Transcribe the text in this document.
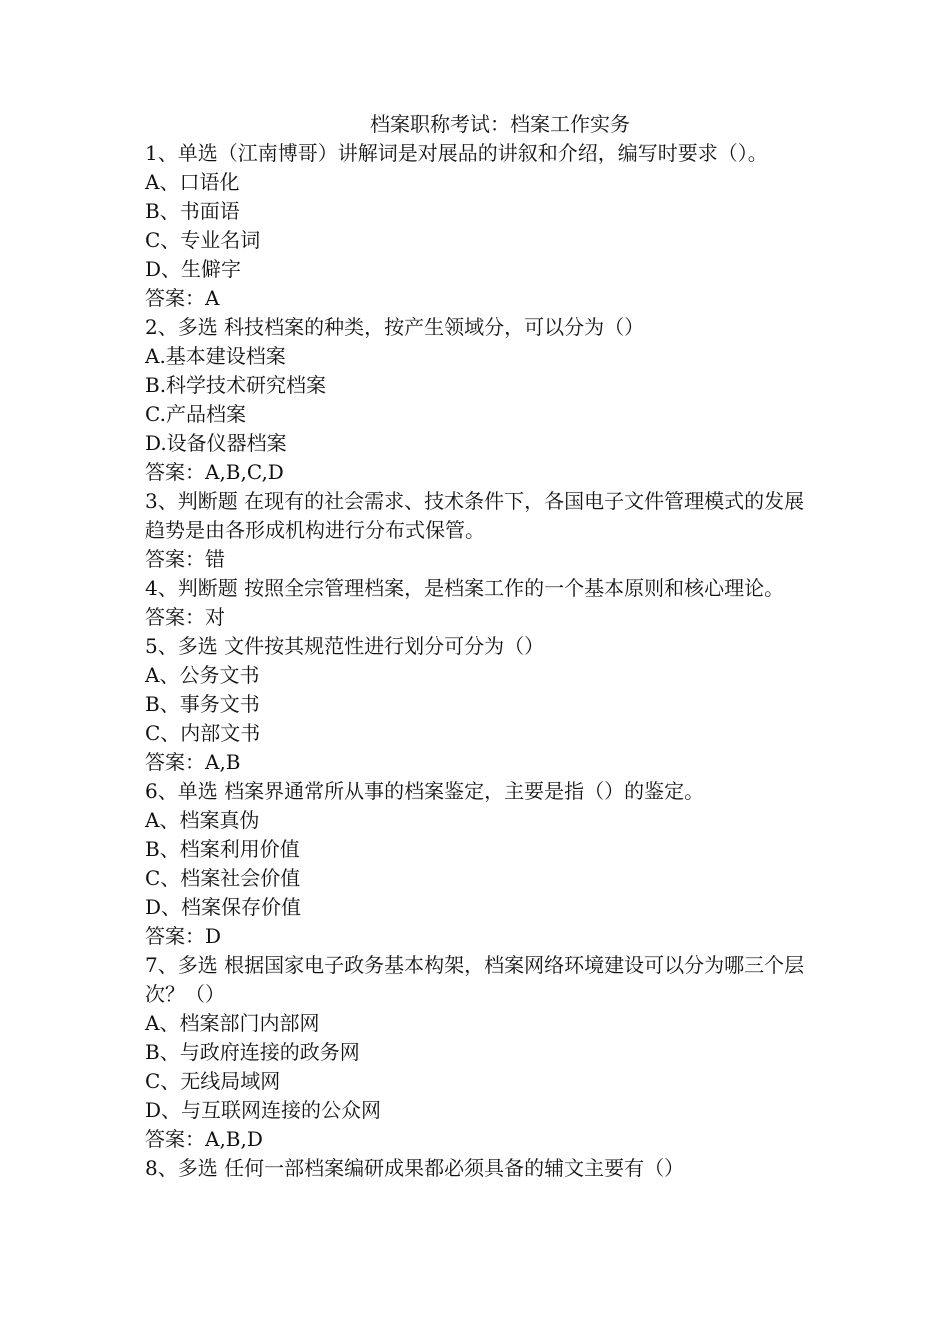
档案职称考试：档案工作实务

1、单选（江南博哥）讲解词是对展品的讲叙和介绍，编写时要求（）。

A、口语化

B、书面语

C、专业名词

D、生僻字

答案：A

2、多选 科技档案的种类，按产生领域分，可以分为（）

A.基本建设档案

B.科学技术研究档案

C.产品档案

D.设备仪器档案

答案：A,B,C,D

3、判断题 在现有的社会需求、技术条件下，各国电子文件管理模式的发展趋势是由各形成机构进行分布式保管。

答案：错

4、判断题 按照全宗管理档案，是档案工作的一个基本原则和核心理论。

答案：对

5、多选 文件按其规范性进行划分可分为（）

A、公务文书

B、事务文书

C、内部文书

答案：A,B

6、单选 档案界通常所从事的档案鉴定，主要是指（）的鉴定。

A、档案真伪

B、档案利用价值

C、档案社会价值

D、档案保存价值

答案：D

7、多选 根据国家电子政务基本构架，档案网络环境建设可以分为哪三个层次？（）

A、档案部门内部网

B、与政府连接的政务网

C、无线局域网

D、与互联网连接的公众网

答案：A,B,D

8、多选 任何一部档案编研成果都必须具备的辅文主要有（）
